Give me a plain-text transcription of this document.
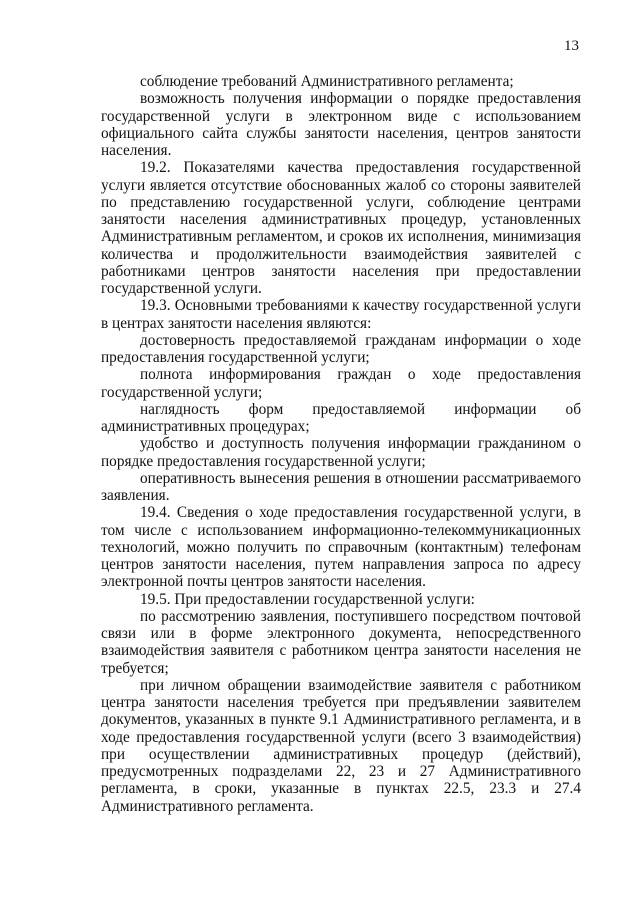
13

соблюдение требований Административного регламента;

возможность получения информации о порядке предоставления государственной услуги в электронном виде с использованием официального сайта службы занятости населения, центров занятости населения.

19.2. Показателями качества предоставления государственной услуги является отсутствие обоснованных жалоб со стороны заявителей по представлению государственной услуги, соблюдение центрами занятости населения административных процедур, установленных Административным регламентом, и сроков их исполнения, минимизация количества и продолжительности взаимодействия заявителей с работниками центров занятости населения при предоставлении государственной услуги.

19.3. Основными требованиями к качеству государственной услуги в центрах занятости населения являются:

достоверность предоставляемой гражданам информации о ходе предоставления государственной услуги;

полнота информирования граждан о ходе предоставления государственной услуги;

наглядность форм предоставляемой информации об административных процедурах;

удобство и доступность получения информации гражданином о порядке предоставления государственной услуги;

оперативность вынесения решения в отношении рассматриваемого заявления.

19.4. Сведения о ходе предоставления государственной услуги, в том числе с использованием информационно-телекоммуникационных технологий, можно получить по справочным (контактным) телефонам центров занятости населения, путем направления запроса по адресу электронной почты центров занятости населения.

19.5. При предоставлении государственной услуги:

по рассмотрению заявления, поступившего посредством почтовой связи или в форме электронного документа, непосредственного взаимодействия заявителя с работником центра занятости населения не требуется;

при личном обращении взаимодействие заявителя с работником центра занятости населения требуется при предъявлении заявителем документов, указанных в пункте 9.1 Административного регламента, и в ходе предоставления государственной услуги (всего 3 взаимодействия) при осуществлении административных процедур (действий), предусмотренных подразделами 22, 23 и 27 Административного регламента, в сроки, указанные в пунктах 22.5, 23.3 и 27.4 Административного регламента.
